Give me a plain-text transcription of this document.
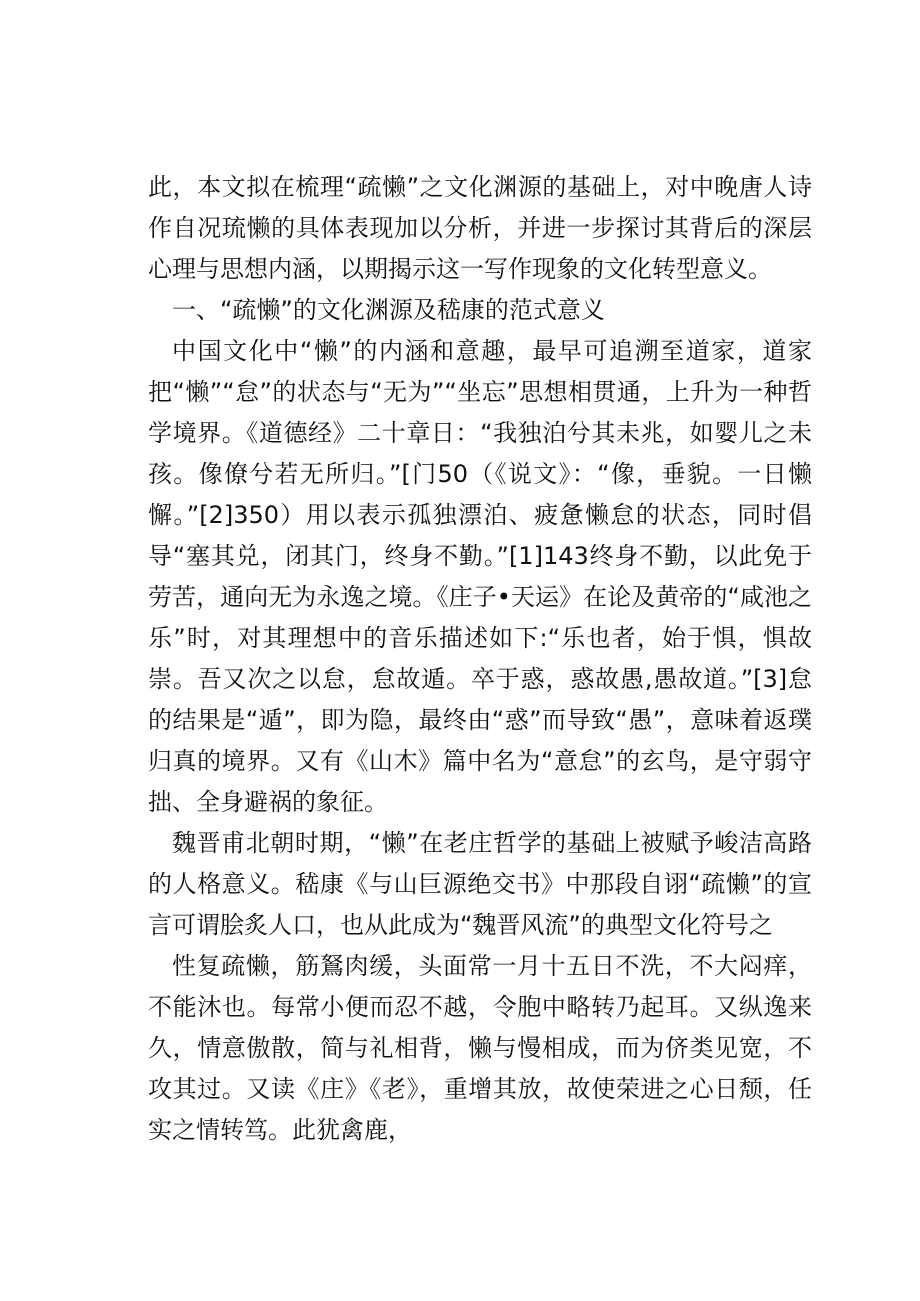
此，本文拟在梳理“疏懒”之文化渊源的基础上，对中晚唐人诗作自况琉懒的具体表现加以分析，并进一步探讨其背后的深层心理与思想内涵，以期揭示这一写作现象的文化转型意义。

一、“疏懒”的文化渊源及嵇康的范式意义

中国文化中“懒”的内涵和意趣，最早可追溯至道家，道家把“懒”“怠”的状态与“无为”“坐忘”思想相贯通，上升为一种哲学境界。《道德经》二十章日：“我独泊兮其未兆，如婴儿之未孩。像僚兮若无所归。”[门50（《说文》：“像，垂貌。一日懒懈。”[2]350）用以表示孤独漂泊、疲惫懒怠的状态，同时倡导“塞其兑，闭其门，终身不勤。”[1]143终身不勤，以此免于劳苦，通向无为永逸之境。《庄子•天运》在论及黄帝的“咸池之乐”时，对其理想中的音乐描述如下:“乐也者，始于惧，惧故崇。吾又次之以怠，怠故遁。卒于惑，惑故愚,愚故道。”[3]怠的结果是“遁”，即为隐，最终由“惑”而导致“愚”，意味着返璞归真的境界。又有《山木》篇中名为“意怠”的玄鸟，是守弱守拙、全身避祸的象征。

魏晋甫北朝时期，“懒”在老庄哲学的基础上被赋予峻洁高路的人格意义。嵇康《与山巨源绝交书》中那段自诩“疏懒”的宣言可谓脍炙人口，也从此成为“魏晋风流”的典型文化符号之

性复疏懒，筋鴑肉缓，头面常一月十五日不洗，不大闷痒，不能沐也。每常小便而忍不越，令胞中略转乃起耳。又纵逸来久，情意傲散，简与礼相背，懒与慢相成，而为侪类见宽，不攻其过。又读《庄》《老》，重增其放，故使荣进之心日颓，任实之情转笃。此犹禽鹿，
